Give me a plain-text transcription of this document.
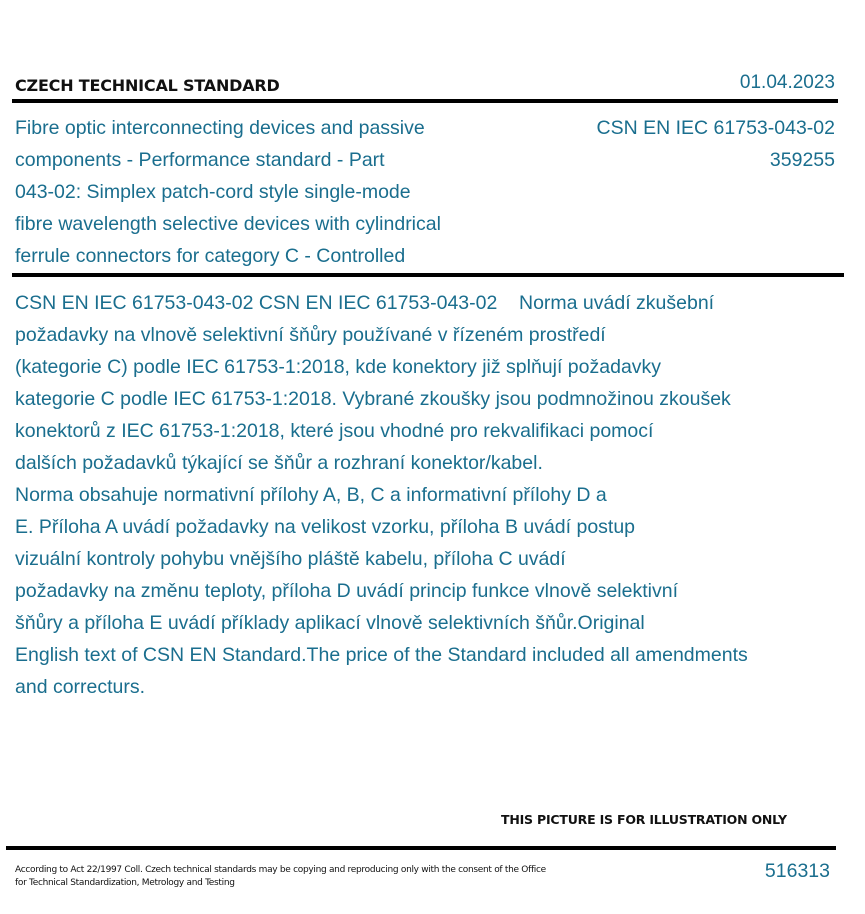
CZECH TECHNICAL STANDARD	01.04.2023
Fibre optic interconnecting devices and passive
components - Performance standard - Part
043-02: Simplex patch-cord style single-mode
fibre wavelength selective devices with cylindrical
ferrule connectors for category C - Controlled
CSN EN IEC 61753-043-02
359255
CSN EN IEC 61753-043-02 CSN EN IEC 61753-043-02    Norma uvádí zkušební
požadavky na vlnově selektivní šňůry používané v řízeném prostředí
(kategorie C) podle IEC 61753-1:2018, kde konektory již splňují požadavky
kategorie C podle IEC 61753-1:2018. Vybrané zkoušky jsou podmnožinou zkoušek
konektorů z IEC 61753-1:2018, které jsou vhodné pro rekvalifikaci pomocí
dalších požadavků týkající se šňůr a rozhraní konektor/kabel.
Norma obsahuje normativní přílohy A, B, C a informativní přílohy D a
E. Příloha A uvádí požadavky na velikost vzorku, příloha B uvádí postup
vizuální kontroly pohybu vnějšího pláště kabelu, příloha C uvádí
požadavky na změnu teploty, příloha D uvádí princip funkce vlnově selektivní
šňůry a příloha E uvádí příklady aplikací vlnově selektivních šňůr.Original
English text of CSN EN Standard.The price of the Standard included all amendments
and correcturs.
THIS PICTURE IS FOR ILLUSTRATION ONLY
According to Act 22/1997 Coll. Czech technical standards may be copying and reproducing only with the consent of the Office
for Technical Standardization, Metrology and Testing
516313
